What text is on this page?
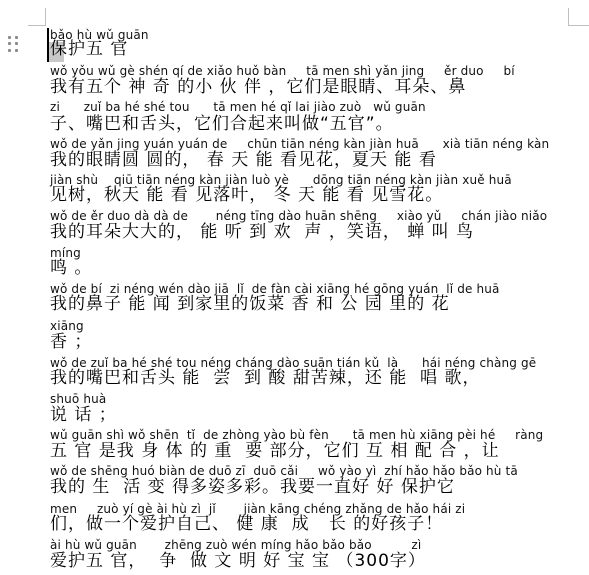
bǎo hù wǔ guān
保护五 官
wǒ yǒu wǔ gè shén qí de xiǎo huǒ bàn     tā men shì yǎn jing     ěr duo     bí
我有五个 神 奇 的小 伙 伴 ，它们是眼睛、耳朵、鼻
zi      zuǐ ba hé shé tou      tā men hé qǐ lai jiào zuò   wǔ guān
子、嘴巴和舌头，它们合起来叫做“五官”。
wǒ de yǎn jing yuán yuán de     chūn tiān néng kàn jiàn huā      xià tiān néng kàn
我的眼睛圆 圆的， 春 天 能 看见花，夏天 能 看
jiàn shù    qiū tiān néng kàn jiàn luò yè      dōng tiān néng kàn jiàn xuě huā
见树，秋天 能 看 见落叶， 冬 天 能 看 见雪花。
wǒ de ěr duo dà dà de       néng tīng dào huān shēng     xiào yǔ     chán jiào niǎo
我的耳朵大大的， 能 听 到 欢  声 ，笑语， 蝉 叫 鸟
míng
鸣 。
wǒ de bí  zi néng wén dào jiā  lǐ  de fàn cài xiāng hé gōng yuán  lǐ de huā
我的鼻子 能 闻 到家里的饭菜 香 和 公 园 里的 花
xiāng
香 ；
wǒ de zuǐ ba hé shé tou néng cháng dào suān tián kǔ  là      hái néng chàng gē
我的嘴巴和舌头 能  尝  到 酸 甜苦辣，还 能  唱 歌，
shuō huà
说 话 ；
wǔ guān shì wǒ shēn  tǐ  de zhòng yào bù fèn      tā men hù xiāng pèi hé     ràng
五 官 是我 身 体 的 重  要 部分，它们 互 相 配 合 ，让
wǒ de shēng huó biàn de duō zī  duō cǎi     wǒ yào yì  zhí hǎo hǎo bǎo hù tā
我的 生  活 变 得多姿多彩。我要一直好 好 保护它
men     zuò yí gè ài hù zì  jǐ       jiàn kāng chéng zhǎng de hǎo hái zi
们，做一个爱护自己、 健 康  成   长 的好孩子！
ài hù wǔ guān       zhēng zuò wén míng hǎo bǎo bǎo          zì
爱护五 官，  争  做 文 明 好 宝 宝 （300字）
